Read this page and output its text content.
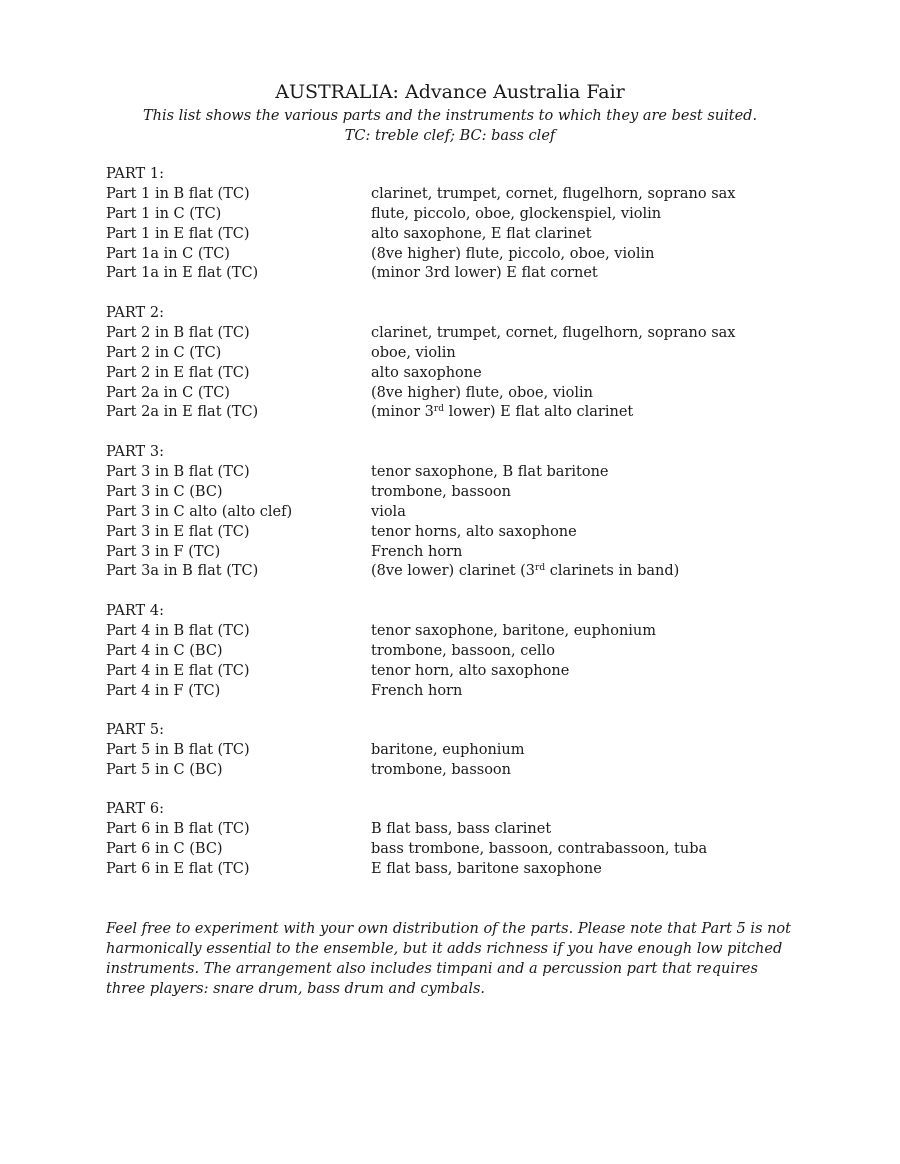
AUSTRALIA: Advance Australia Fair
This list shows the various parts and the instruments to which they are best suited.
TC: treble clef; BC: bass clef
PART 1:
Part 1 in B flat (TC)	clarinet, trumpet, cornet, flugelhorn, soprano sax
Part 1 in C (TC)	flute, piccolo, oboe, glockenspiel, violin
Part 1 in E flat (TC)	alto saxophone, E flat clarinet
Part 1a in C (TC)	(8ve higher) flute, piccolo, oboe, violin
Part 1a in E flat (TC)	(minor 3rd lower) E flat cornet
PART 2:
Part 2 in B flat (TC)	clarinet, trumpet, cornet, flugelhorn, soprano sax
Part 2 in C (TC)	oboe, violin
Part 2 in E flat (TC)	alto saxophone
Part 2a in C (TC)	(8ve higher) flute, oboe, violin
Part 2a in E flat (TC)	(minor 3rd lower) E flat alto clarinet
PART 3:
Part 3 in B flat (TC)	tenor saxophone, B flat baritone
Part 3 in C (BC)	trombone, bassoon
Part 3 in C alto (alto clef)	viola
Part 3 in E flat (TC)	tenor horns, alto saxophone
Part 3 in F (TC)	French horn
Part 3a in B flat (TC)	(8ve lower) clarinet (3rd clarinets in band)
PART 4:
Part 4 in B flat (TC)	tenor saxophone, baritone, euphonium
Part 4 in C (BC)	trombone, bassoon, cello
Part 4 in E flat (TC)	tenor horn, alto saxophone
Part 4 in F (TC)	French horn
PART 5:
Part 5 in B flat (TC)	baritone, euphonium
Part 5 in C (BC)	trombone, bassoon
PART 6:
Part 6 in B flat (TC)	B flat bass, bass clarinet
Part 6 in C (BC)	bass trombone, bassoon, contrabassoon, tuba
Part 6 in E flat (TC)	E flat bass, baritone saxophone
Feel free to experiment with your own distribution of the parts. Please note that Part 5 is not harmonically essential to the ensemble, but it adds richness if you have enough low pitched instruments. The arrangement also includes timpani and a percussion part that requires three players: snare drum, bass drum and cymbals.
